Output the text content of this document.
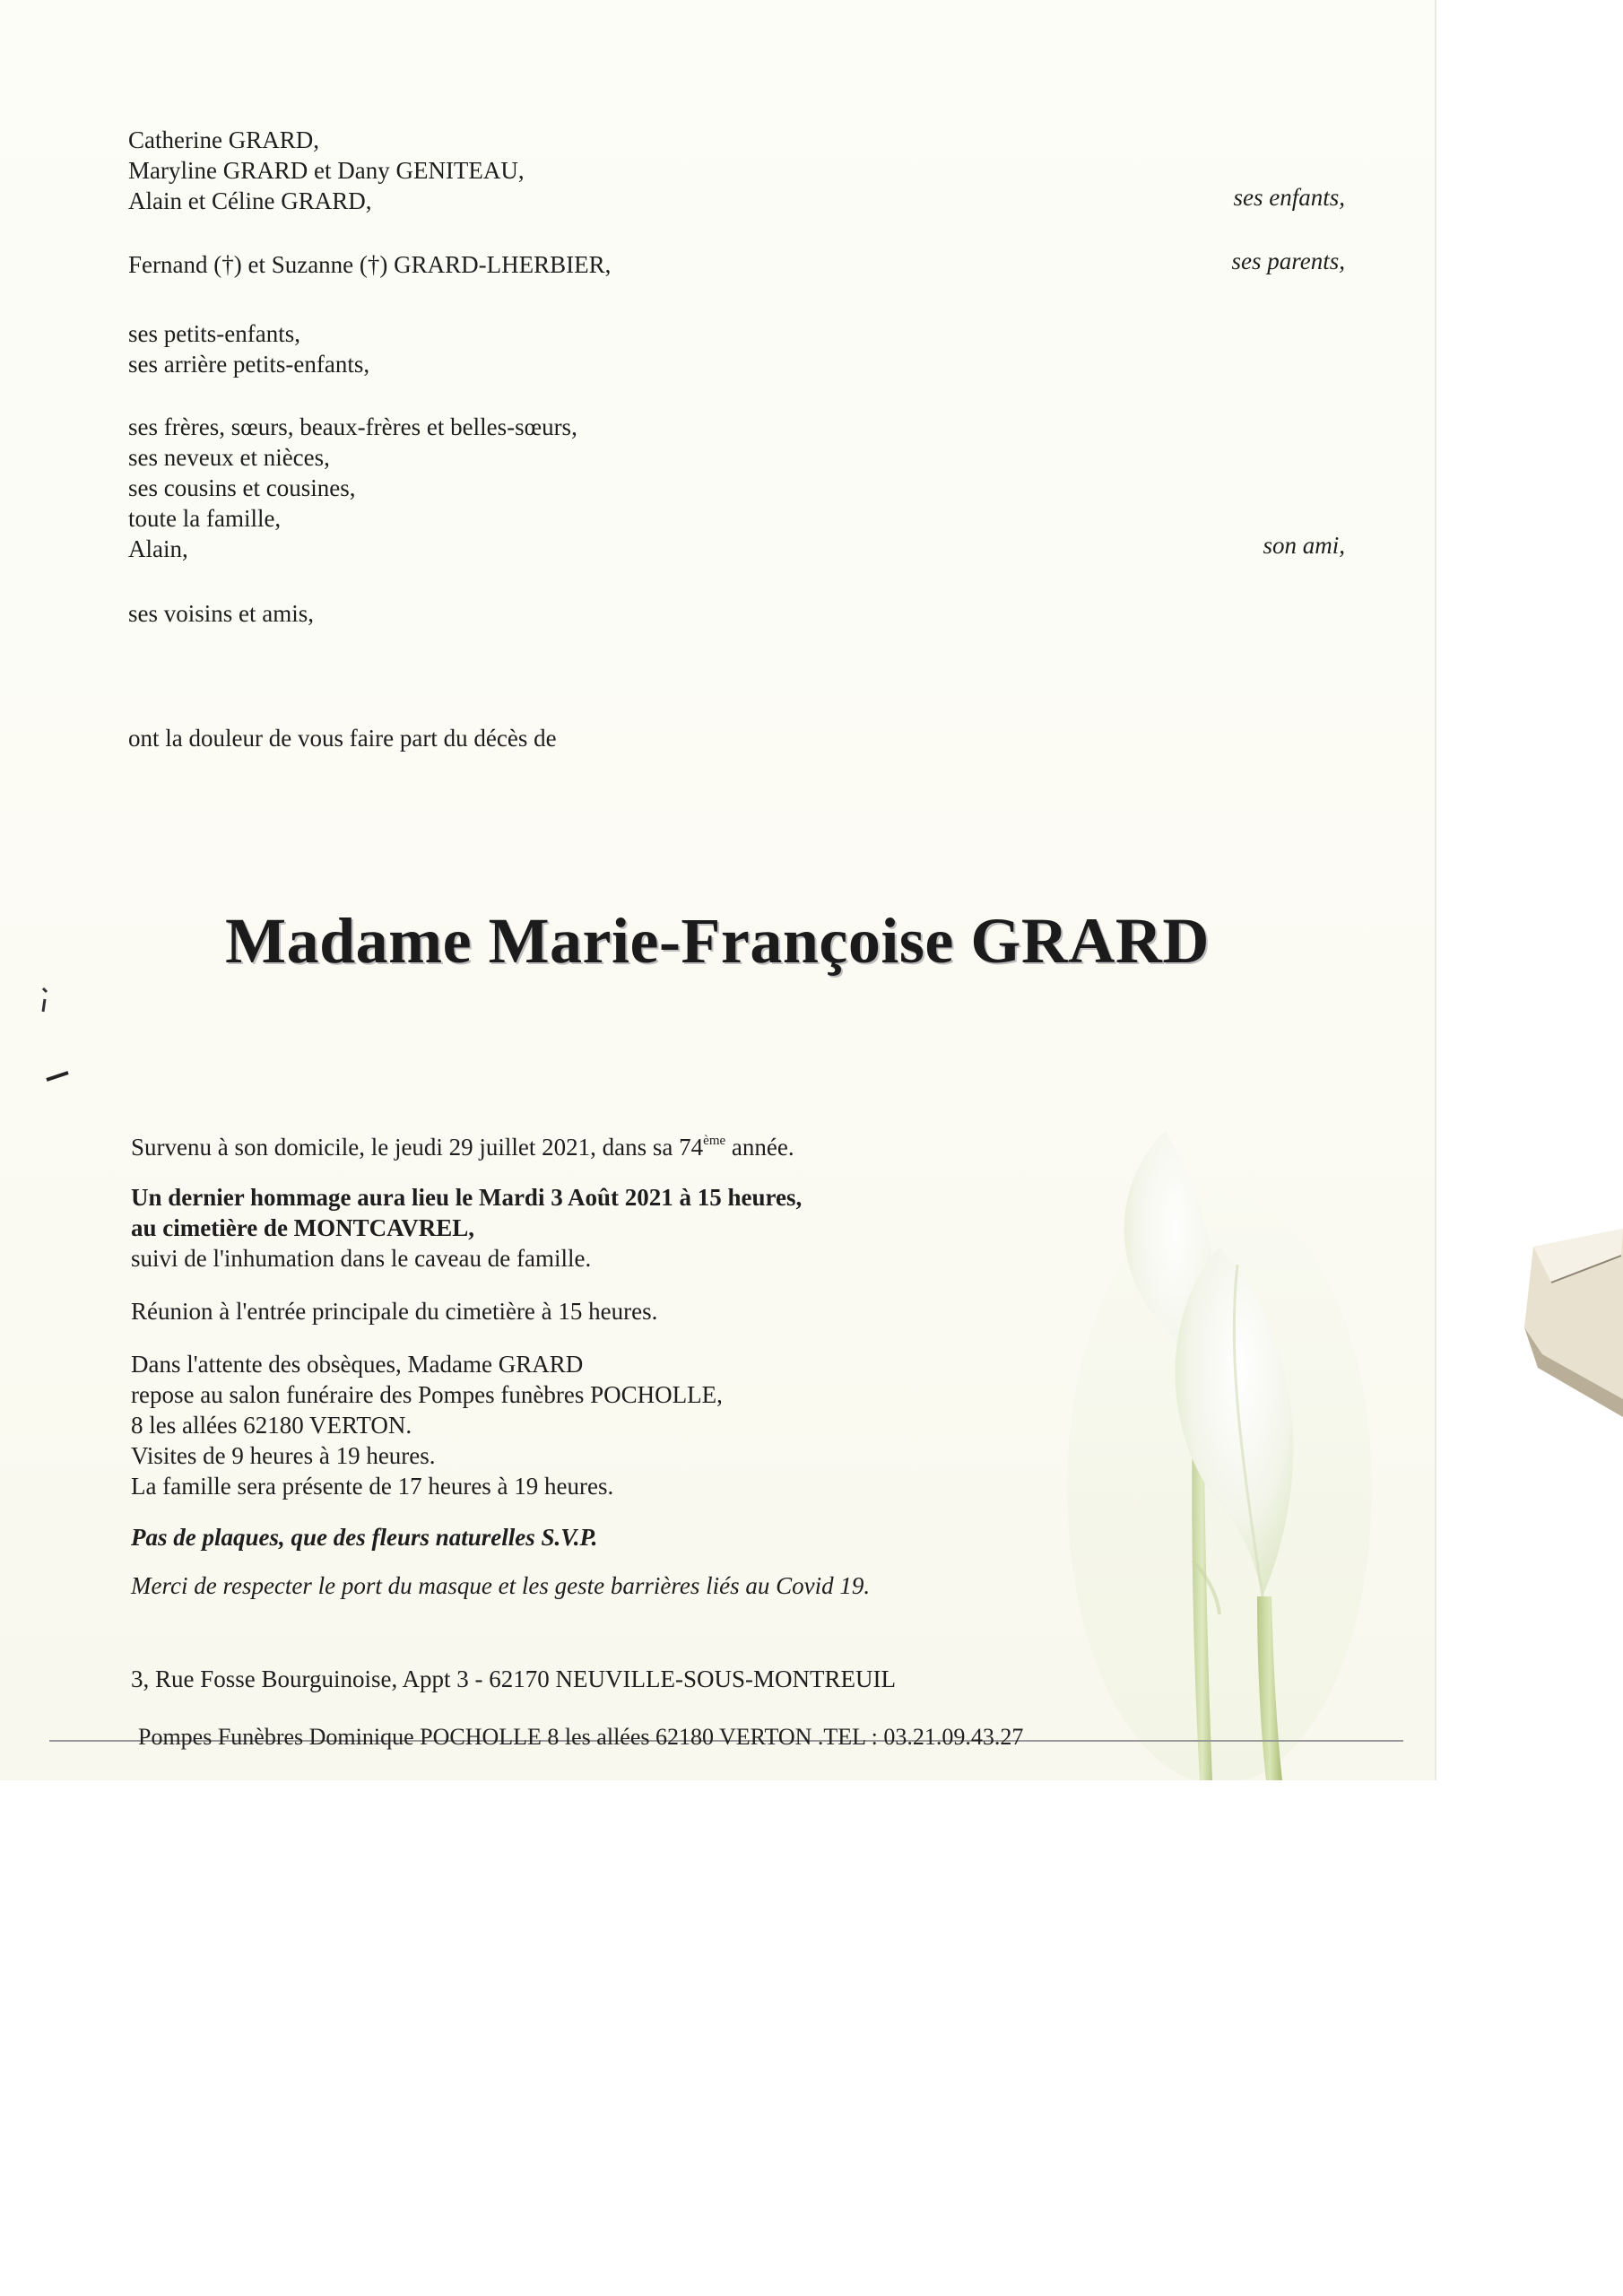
Catherine GRARD,
Maryline GRARD et Dany GENITEAU,
Alain et Céline GRARD,	ses enfants,
Fernand (†) et Suzanne (†) GRARD-LHERBIER,	ses parents,
ses petits-enfants,
ses arrière petits-enfants,
ses frères, sœurs, beaux-frères et belles-sœurs,
ses neveux et nièces,
ses cousins et cousines,
toute la famille,
Alain,	son ami,
ses voisins et amis,
ont la douleur de vous faire part du décès de
Madame Marie-Françoise GRARD
Survenu à son domicile, le jeudi 29 juillet 2021, dans sa 74ème année.
Un dernier hommage aura lieu le Mardi 3 Août 2021 à 15 heures,
au cimetière de MONTCAVREL,
suivi de l'inhumation dans le caveau de famille.
Réunion à l'entrée principale du cimetière à 15 heures.
Dans l'attente des obsèques, Madame GRARD
repose au salon funéraire des Pompes funèbres POCHOLLE,
8 les allées 62180 VERTON.
Visites de 9 heures à 19 heures.
La famille sera présente de 17 heures à 19 heures.
Pas de plaques, que des fleurs naturelles S.V.P.
Merci de respecter le port du masque et les geste barrières liés au Covid 19.
3, Rue Fosse Bourguinoise, Appt 3 - 62170 NEUVILLE-SOUS-MONTREUIL
Pompes Funèbres Dominique POCHOLLE 8 les allées 62180 VERTON .TEL : 03.21.09.43.27
